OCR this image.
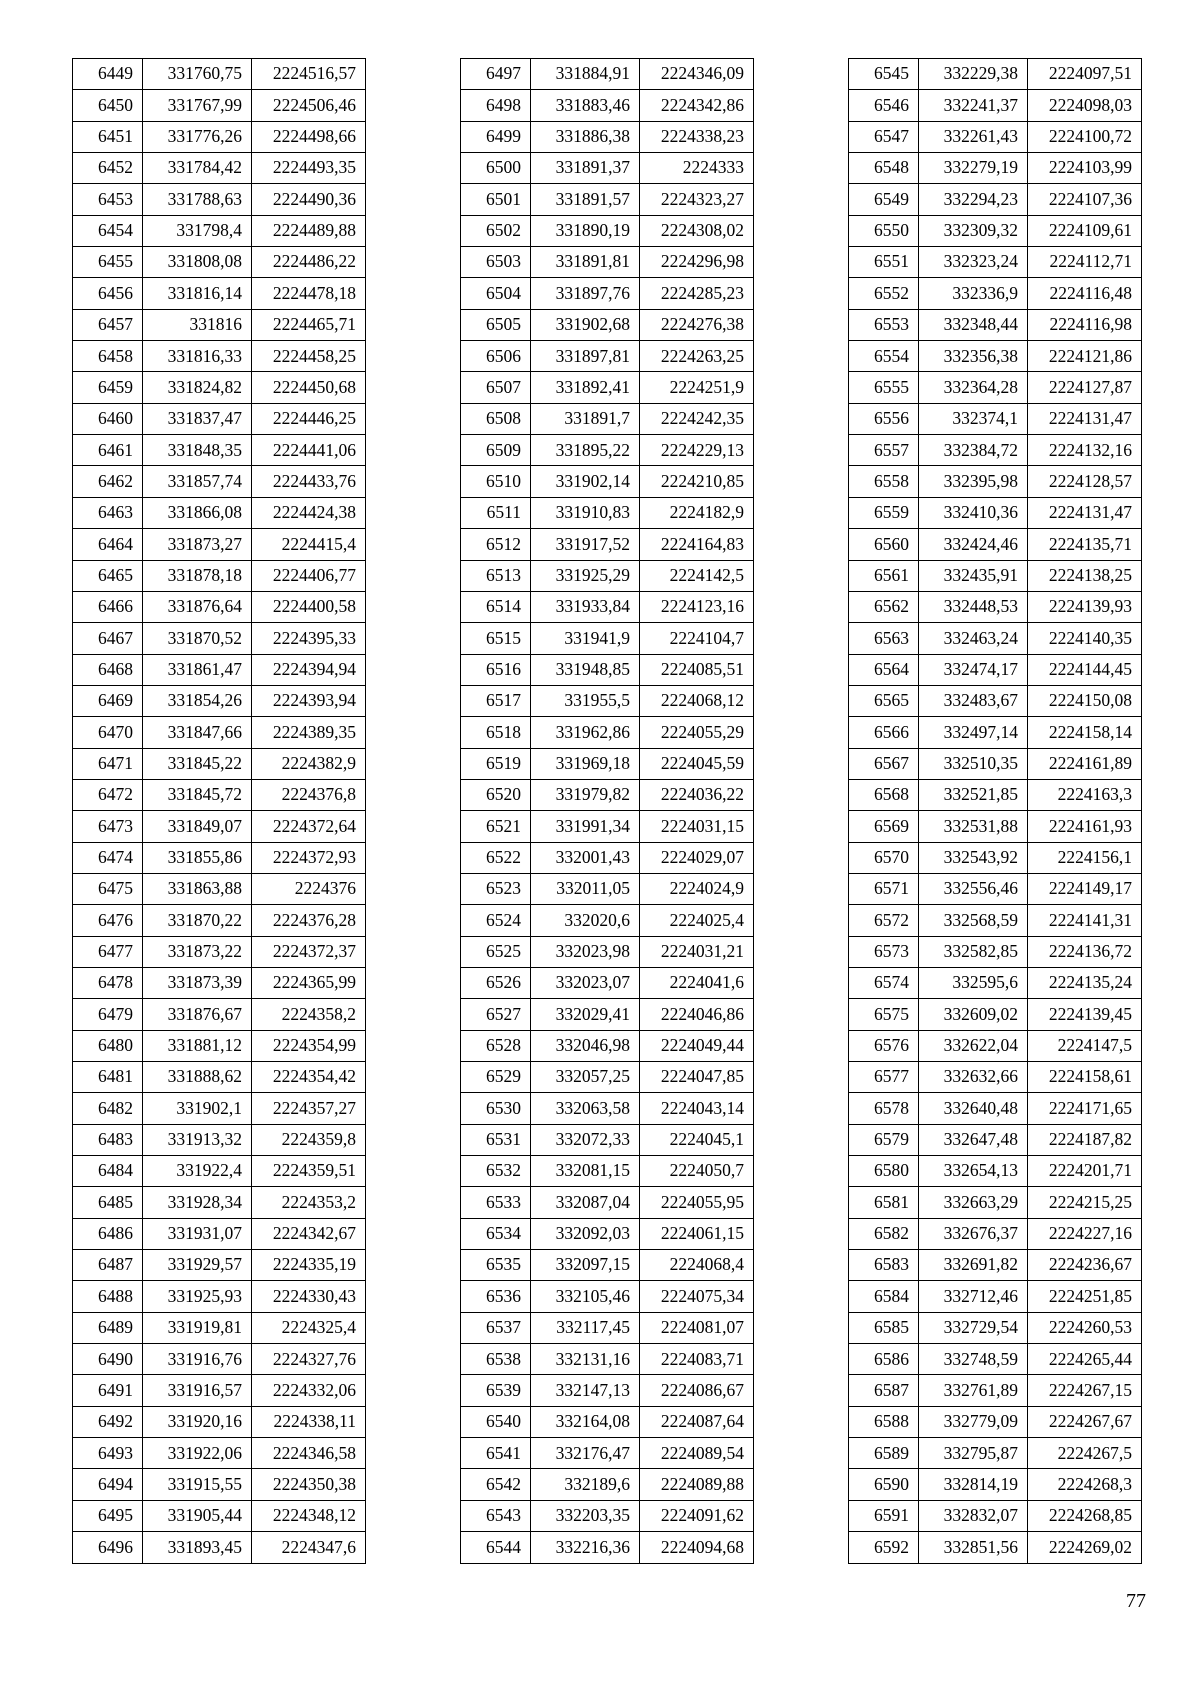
6449	331760,75	2224516,57
6450	331767,99	2224506,46
6451	331776,26	2224498,66
6452	331784,42	2224493,35
6453	331788,63	2224490,36
6454	331798,4	2224489,88
6455	331808,08	2224486,22
6456	331816,14	2224478,18
6457	331816	2224465,71
6458	331816,33	2224458,25
6459	331824,82	2224450,68
6460	331837,47	2224446,25
6461	331848,35	2224441,06
6462	331857,74	2224433,76
6463	331866,08	2224424,38
6464	331873,27	2224415,4
6465	331878,18	2224406,77
6466	331876,64	2224400,58
6467	331870,52	2224395,33
6468	331861,47	2224394,94
6469	331854,26	2224393,94
6470	331847,66	2224389,35
6471	331845,22	2224382,9
6472	331845,72	2224376,8
6473	331849,07	2224372,64
6474	331855,86	2224372,93
6475	331863,88	2224376
6476	331870,22	2224376,28
6477	331873,22	2224372,37
6478	331873,39	2224365,99
6479	331876,67	2224358,2
6480	331881,12	2224354,99
6481	331888,62	2224354,42
6482	331902,1	2224357,27
6483	331913,32	2224359,8
6484	331922,4	2224359,51
6485	331928,34	2224353,2
6486	331931,07	2224342,67
6487	331929,57	2224335,19
6488	331925,93	2224330,43
6489	331919,81	2224325,4
6490	331916,76	2224327,76
6491	331916,57	2224332,06
6492	331920,16	2224338,11
6493	331922,06	2224346,58
6494	331915,55	2224350,38
6495	331905,44	2224348,12
6496	331893,45	2224347,6
6497	331884,91	2224346,09
6498	331883,46	2224342,86
6499	331886,38	2224338,23
6500	331891,37	2224333
6501	331891,57	2224323,27
6502	331890,19	2224308,02
6503	331891,81	2224296,98
6504	331897,76	2224285,23
6505	331902,68	2224276,38
6506	331897,81	2224263,25
6507	331892,41	2224251,9
6508	331891,7	2224242,35
6509	331895,22	2224229,13
6510	331902,14	2224210,85
6511	331910,83	2224182,9
6512	331917,52	2224164,83
6513	331925,29	2224142,5
6514	331933,84	2224123,16
6515	331941,9	2224104,7
6516	331948,85	2224085,51
6517	331955,5	2224068,12
6518	331962,86	2224055,29
6519	331969,18	2224045,59
6520	331979,82	2224036,22
6521	331991,34	2224031,15
6522	332001,43	2224029,07
6523	332011,05	2224024,9
6524	332020,6	2224025,4
6525	332023,98	2224031,21
6526	332023,07	2224041,6
6527	332029,41	2224046,86
6528	332046,98	2224049,44
6529	332057,25	2224047,85
6530	332063,58	2224043,14
6531	332072,33	2224045,1
6532	332081,15	2224050,7
6533	332087,04	2224055,95
6534	332092,03	2224061,15
6535	332097,15	2224068,4
6536	332105,46	2224075,34
6537	332117,45	2224081,07
6538	332131,16	2224083,71
6539	332147,13	2224086,67
6540	332164,08	2224087,64
6541	332176,47	2224089,54
6542	332189,6	2224089,88
6543	332203,35	2224091,62
6544	332216,36	2224094,68
6545	332229,38	2224097,51
6546	332241,37	2224098,03
6547	332261,43	2224100,72
6548	332279,19	2224103,99
6549	332294,23	2224107,36
6550	332309,32	2224109,61
6551	332323,24	2224112,71
6552	332336,9	2224116,48
6553	332348,44	2224116,98
6554	332356,38	2224121,86
6555	332364,28	2224127,87
6556	332374,1	2224131,47
6557	332384,72	2224132,16
6558	332395,98	2224128,57
6559	332410,36	2224131,47
6560	332424,46	2224135,71
6561	332435,91	2224138,25
6562	332448,53	2224139,93
6563	332463,24	2224140,35
6564	332474,17	2224144,45
6565	332483,67	2224150,08
6566	332497,14	2224158,14
6567	332510,35	2224161,89
6568	332521,85	2224163,3
6569	332531,88	2224161,93
6570	332543,92	2224156,1
6571	332556,46	2224149,17
6572	332568,59	2224141,31
6573	332582,85	2224136,72
6574	332595,6	2224135,24
6575	332609,02	2224139,45
6576	332622,04	2224147,5
6577	332632,66	2224158,61
6578	332640,48	2224171,65
6579	332647,48	2224187,82
6580	332654,13	2224201,71
6581	332663,29	2224215,25
6582	332676,37	2224227,16
6583	332691,82	2224236,67
6584	332712,46	2224251,85
6585	332729,54	2224260,53
6586	332748,59	2224265,44
6587	332761,89	2224267,15
6588	332779,09	2224267,67
6589	332795,87	2224267,5
6590	332814,19	2224268,3
6591	332832,07	2224268,85
6592	332851,56	2224269,02
77
